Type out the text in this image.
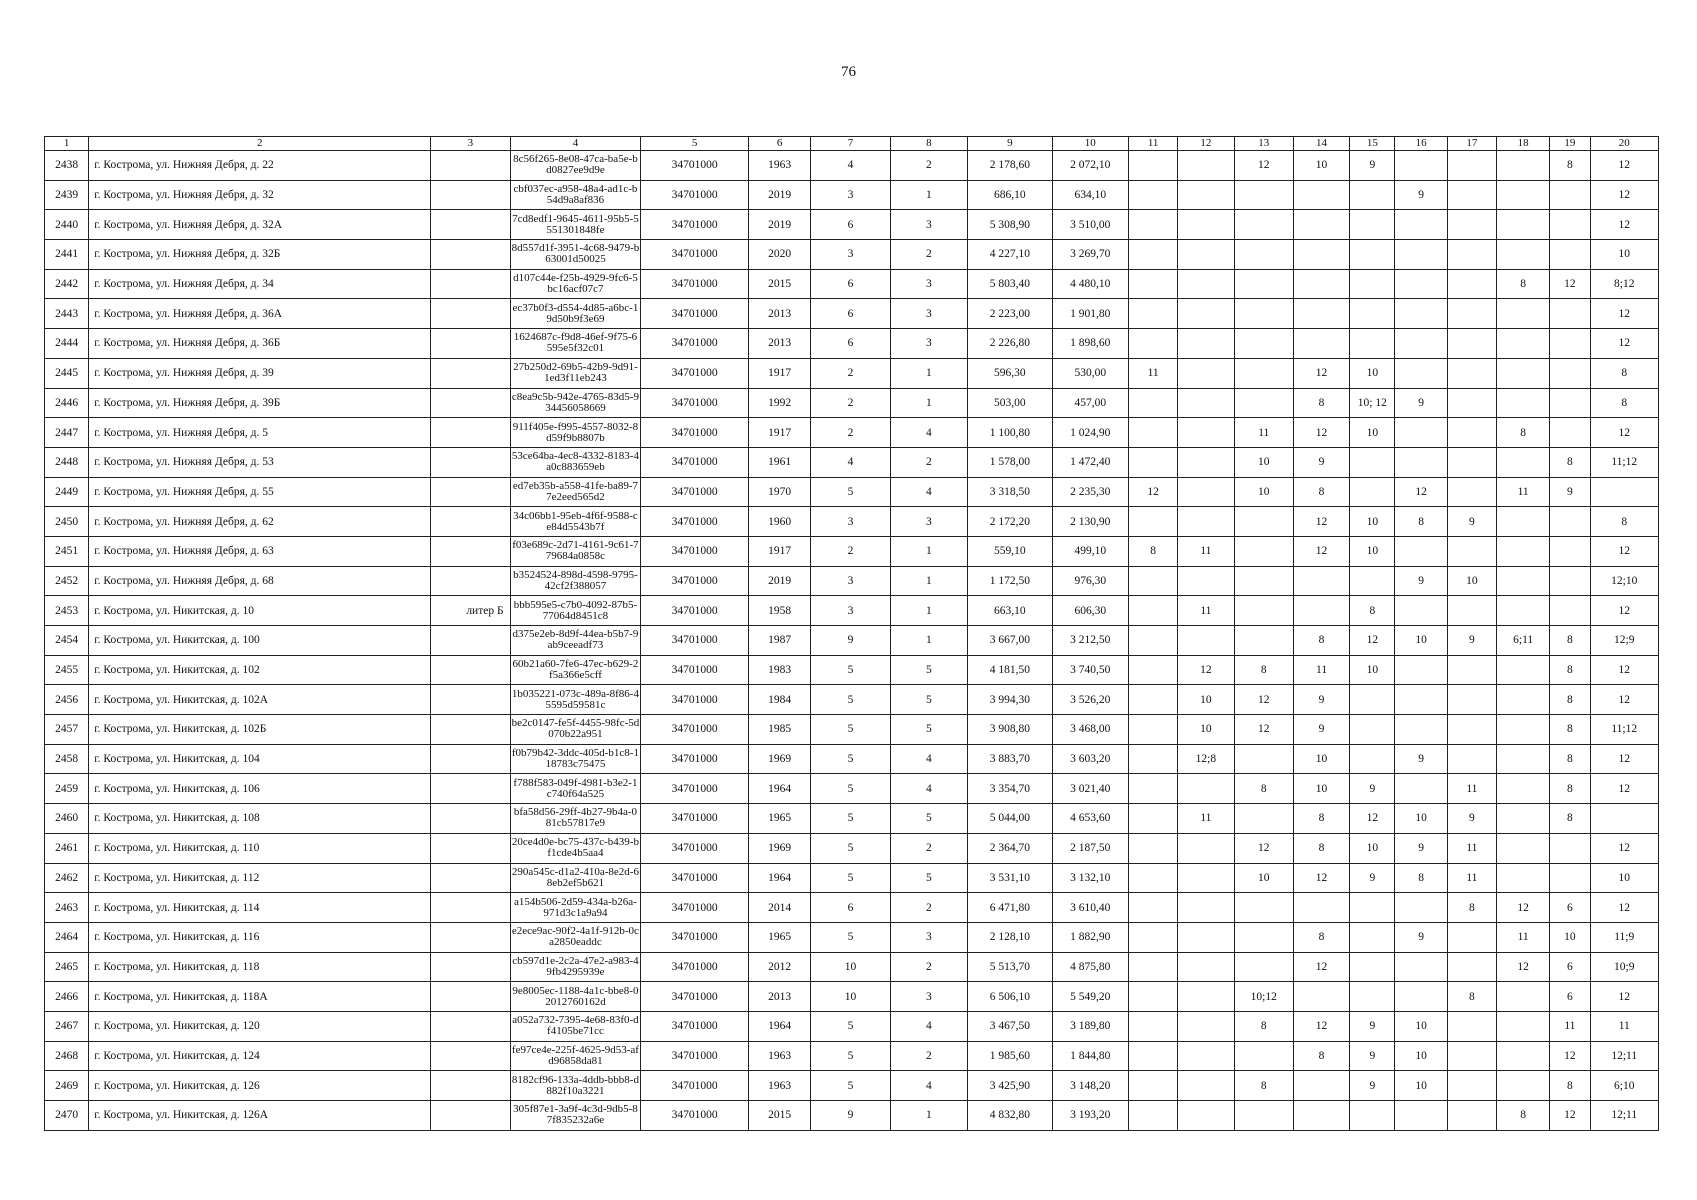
76
1	2	3	4	5	6	7	8	9	10	11	12	13	14	15	16	17	18	19	20
2438	г. Кострома, ул. Нижняя Дебря, д. 22		8c56f265-8e08-47ca-ba5e-bd0827ee9d9e	34701000	1963	4	2	2 178,60	2 072,10			12	10	9				8	12
2439	г. Кострома, ул. Нижняя Дебря, д. 32		cbf037ec-a958-48a4-ad1c-b54d9a8af836	34701000	2019	3	1	686,10	634,10						9				12
2440	г. Кострома, ул. Нижняя Дебря, д. 32А		7cd8edf1-9645-4611-95b5-5551301848fe	34701000	2019	6	3	5 308,90	3 510,00										12
2441	г. Кострома, ул. Нижняя Дебря, д. 32Б		8d557d1f-3951-4c68-9479-b63001d50025	34701000	2020	3	2	4 227,10	3 269,70										10
2442	г. Кострома, ул. Нижняя Дебря, д. 34		d107c44e-f25b-4929-9fc6-5bc16acf07c7	34701000	2015	6	3	5 803,40	4 480,10								8	12	8;12
2443	г. Кострома, ул. Нижняя Дебря, д. 36А		ec37b0f3-d554-4d85-a6bc-19d50b9f3e69	34701000	2013	6	3	2 223,00	1 901,80										12
2444	г. Кострома, ул. Нижняя Дебря, д. 36Б		1624687c-f9d8-46ef-9f75-6595e5f32c01	34701000	2013	6	3	2 226,80	1 898,60										12
2445	г. Кострома, ул. Нижняя Дебря, д. 39		27b250d2-69b5-42b9-9d91-1ed3f11eb243	34701000	1917	2	1	596,30	530,00	11			12	10					8
2446	г. Кострома, ул. Нижняя Дебря, д. 39Б		c8ea9c5b-942e-4765-83d5-934456058669	34701000	1992	2	1	503,00	457,00				8	10; 12	9				8
2447	г. Кострома, ул. Нижняя Дебря, д. 5		911f405e-f995-4557-8032-8d59f9b8807b	34701000	1917	2	4	1 100,80	1 024,90			11	12	10			8		12
2448	г. Кострома, ул. Нижняя Дебря, д. 53		53ce64ba-4ec8-4332-8183-4a0c883659eb	34701000	1961	4	2	1 578,00	1 472,40			10	9					8	11;12
2449	г. Кострома, ул. Нижняя Дебря, д. 55		ed7eb35b-a558-41fe-ba89-77e2eed565d2	34701000	1970	5	4	3 318,50	2 235,30	12		10	8		12		11	9	
2450	г. Кострома, ул. Нижняя Дебря, д. 62		34c06bb1-95eb-4f6f-9588-ce84d5543b7f	34701000	1960	3	3	2 172,20	2 130,90				12	10	8	9			8
2451	г. Кострома, ул. Нижняя Дебря, д. 63		f03e689c-2d71-4161-9c61-779684a0858c	34701000	1917	2	1	559,10	499,10	8	11		12	10					12
2452	г. Кострома, ул. Нижняя Дебря, д. 68		b3524524-898d-4598-9795-42cf2f388057	34701000	2019	3	1	1 172,50	976,30						9	10			12;10
2453	г. Кострома, ул. Никитская, д. 10	литер Б	bbb595e5-c7b0-4092-87b5-77064d8451c8	34701000	1958	3	1	663,10	606,30		11			8					12
2454	г. Кострома, ул. Никитская, д. 100		d375e2eb-8d9f-44ea-b5b7-9ab9ceeadf73	34701000	1987	9	1	3 667,00	3 212,50				8	12	10	9	6;11	8	12;9
2455	г. Кострома, ул. Никитская, д. 102		60b21a60-7fe6-47ec-b629-2f5a366e5cff	34701000	1983	5	5	4 181,50	3 740,50		12	8	11	10				8	12
2456	г. Кострома, ул. Никитская, д. 102А		1b035221-073c-489a-8f86-45595d59581c	34701000	1984	5	5	3 994,30	3 526,20		10	12	9					8	12
2457	г. Кострома, ул. Никитская, д. 102Б		be2c0147-fe5f-4455-98fc-5d070b22a951	34701000	1985	5	5	3 908,80	3 468,00		10	12	9					8	11;12
2458	г. Кострома, ул. Никитская, д. 104		f0b79b42-3ddc-405d-b1c8-118783c75475	34701000	1969	5	4	3 883,70	3 603,20		12;8		10		9			8	12
2459	г. Кострома, ул. Никитская, д. 106		f788f583-049f-4981-b3e2-1c740f64a525	34701000	1964	5	4	3 354,70	3 021,40			8	10	9		11		8	12
2460	г. Кострома, ул. Никитская, д. 108		bfa58d56-29ff-4b27-9b4a-081cb57817e9	34701000	1965	5	5	5 044,00	4 653,60		11		8	12	10	9		8	
2461	г. Кострома, ул. Никитская, д. 110		20ce4d0e-bc75-437c-b439-bf1cde4b5aa4	34701000	1969	5	2	2 364,70	2 187,50			12	8	10	9	11			12
2462	г. Кострома, ул. Никитская, д. 112		290a545c-d1a2-410a-8e2d-68eb2ef5b621	34701000	1964	5	5	3 531,10	3 132,10			10	12	9	8	11			10
2463	г. Кострома, ул. Никитская, д. 114		a154b506-2d59-434a-b26a-971d3c1a9a94	34701000	2014	6	2	6 471,80	3 610,40							8	12	6	12
2464	г. Кострома, ул. Никитская, д. 116		e2ece9ac-90f2-4a1f-912b-0ca2850eaddc	34701000	1965	5	3	2 128,10	1 882,90				8		9		11	10	11;9
2465	г. Кострома, ул. Никитская, д. 118		cb597d1e-2c2a-47e2-a983-49fb4295939e	34701000	2012	10	2	5 513,70	4 875,80				12				12	6	10;9
2466	г. Кострома, ул. Никитская, д. 118А		9e8005ec-1188-4a1c-bbe8-02012760162d	34701000	2013	10	3	6 506,10	5 549,20			10;12				8		6	12
2467	г. Кострома, ул. Никитская, д. 120		a052a732-7395-4e68-83f0-df4105be71cc	34701000	1964	5	4	3 467,50	3 189,80			8	12	9	10			11	11
2468	г. Кострома, ул. Никитская, д. 124		fe97ce4e-225f-4625-9d53-afd96858da81	34701000	1963	5	2	1 985,60	1 844,80				8	9	10			12	12;11
2469	г. Кострома, ул. Никитская, д. 126		8182cf96-133a-4ddb-bbb8-d882f10a3221	34701000	1963	5	4	3 425,90	3 148,20			8		9	10			8	6;10
2470	г. Кострома, ул. Никитская, д. 126А		305f87e1-3a9f-4c3d-9db5-87f835232a6e	34701000	2015	9	1	4 832,80	3 193,20								8	12	12;11
